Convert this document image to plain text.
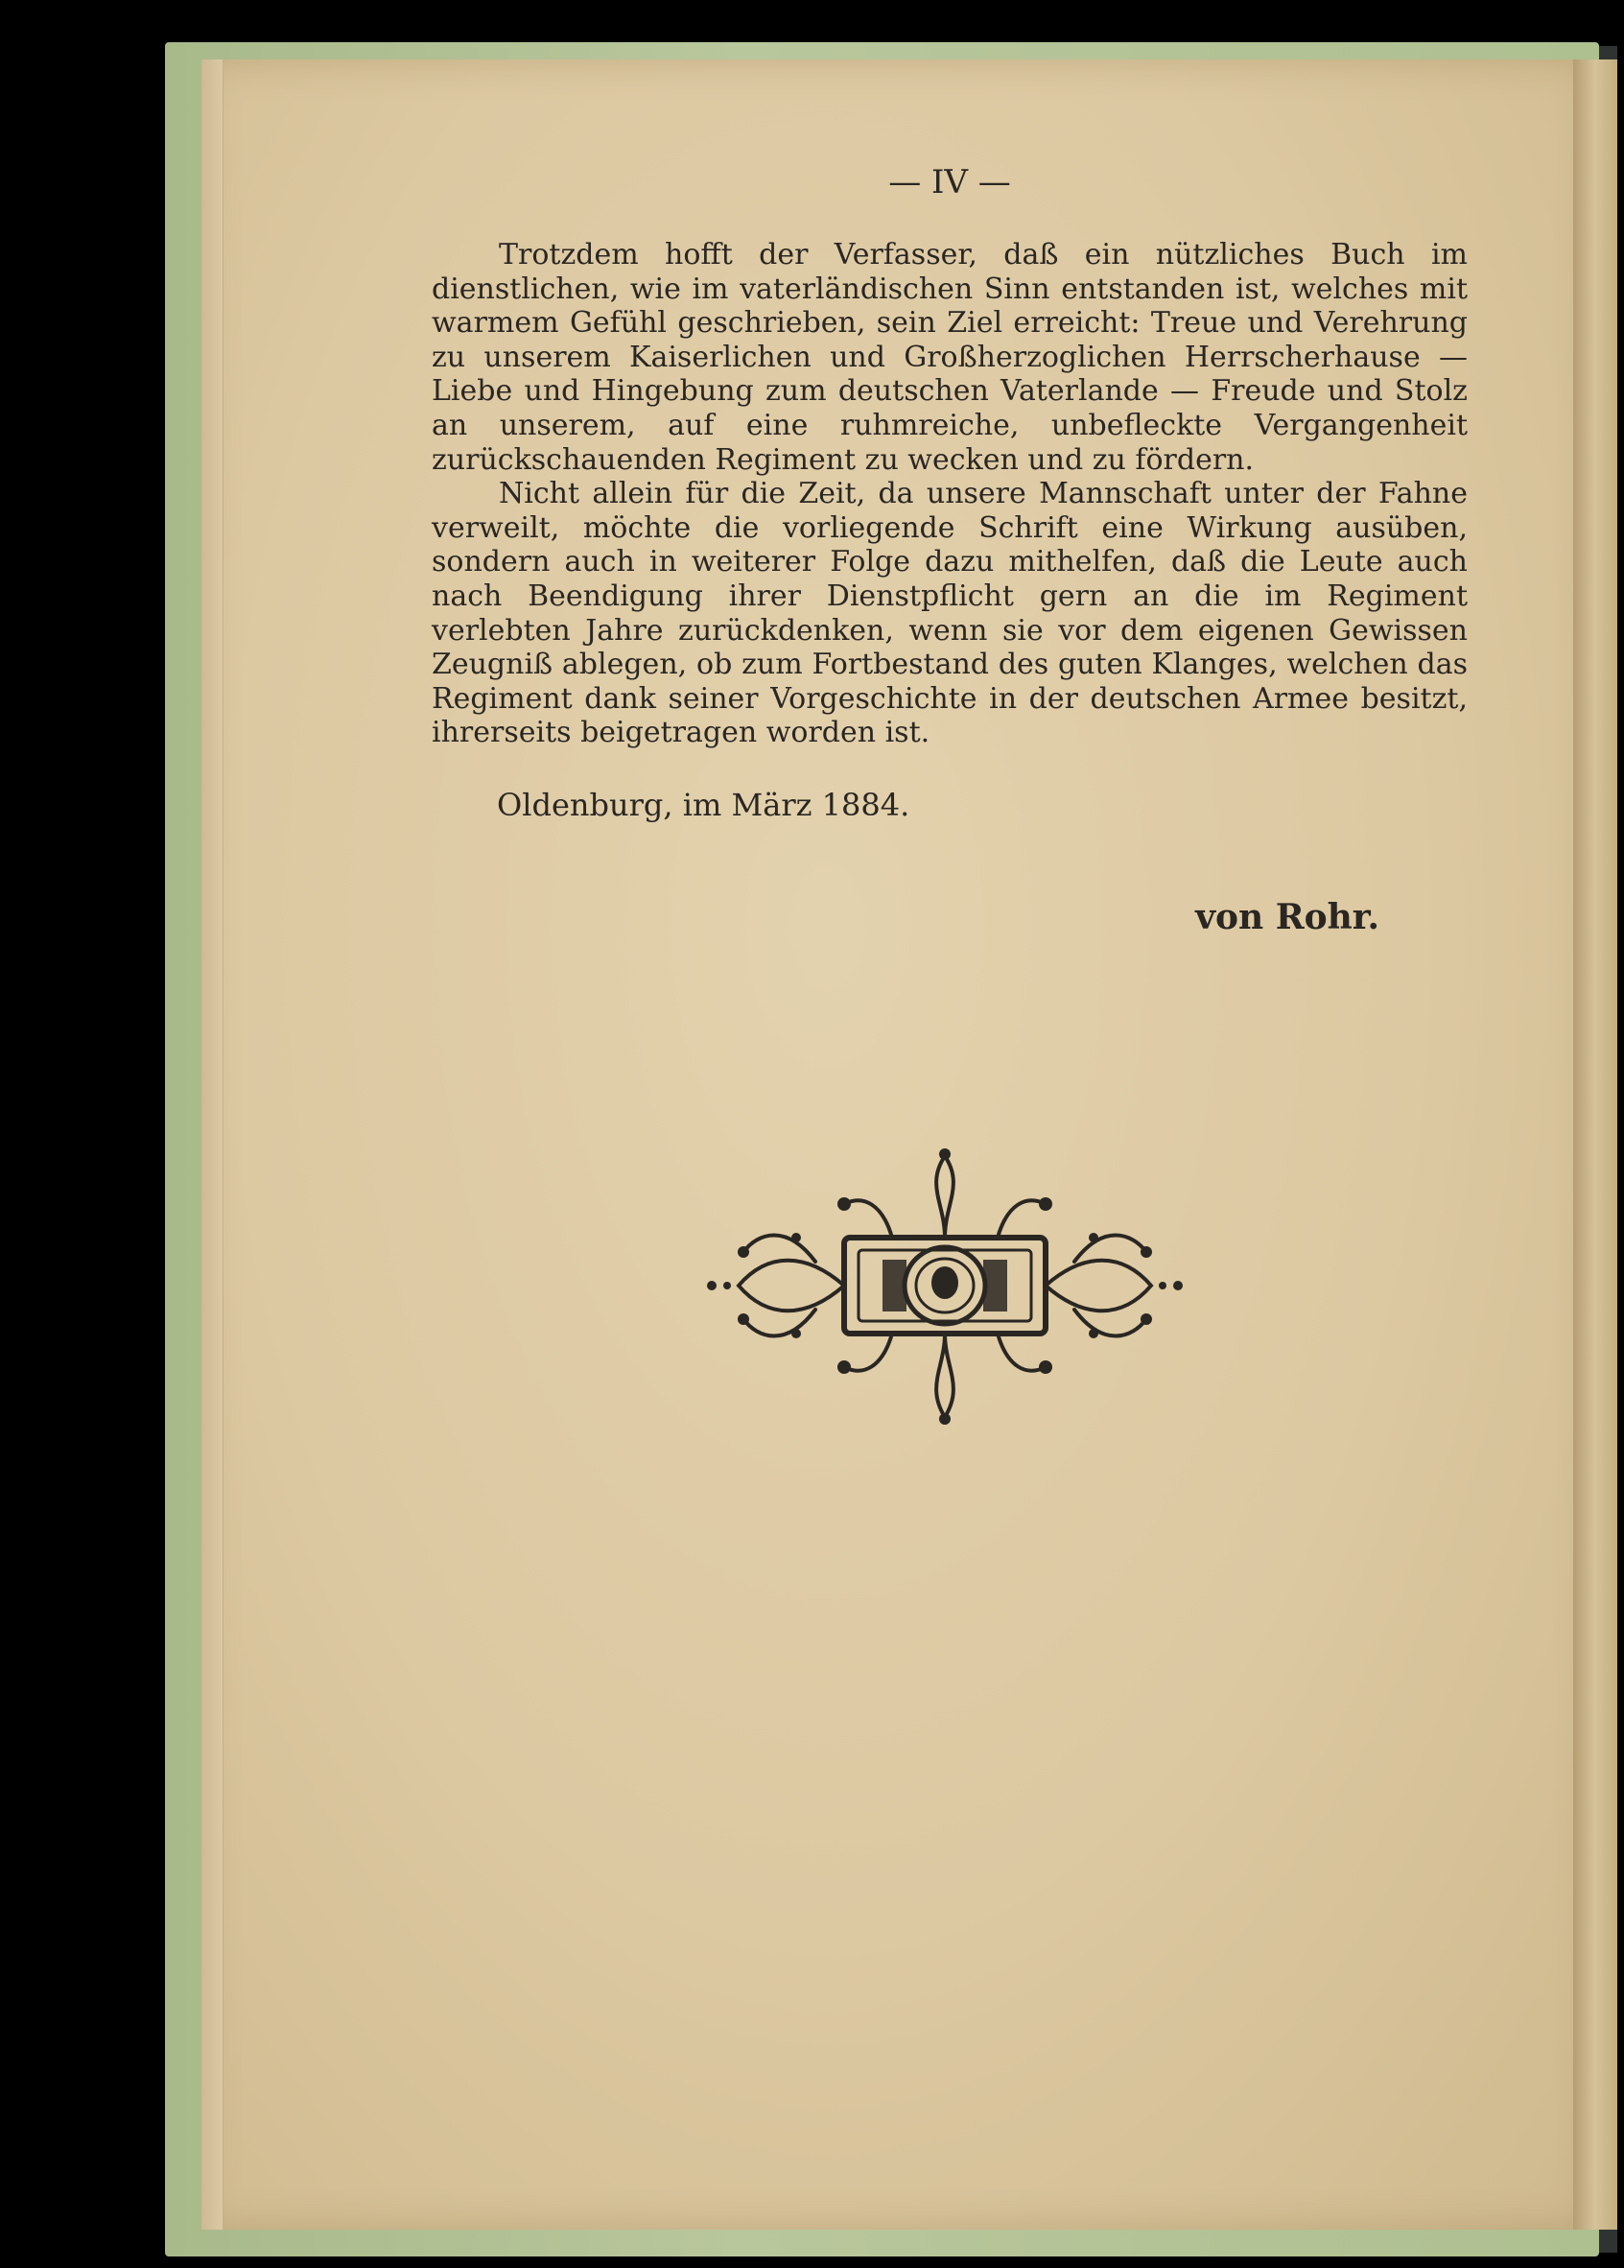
— IV —

Trotzdem hofft der Verfasser, daß ein nützliches Buch im dienstlichen, wie im vaterländischen Sinn entstanden ist, welches mit warmem Gefühl geschrieben, sein Ziel erreicht: Treue und Verehrung zu unserem Kaiserlichen und Großherzoglichen Herrscherhause — Liebe und Hingebung zum deutschen Vaterlande — Freude und Stolz an unserem, auf eine ruhmreiche, unbefleckte Vergangenheit zurückschauenden Regiment zu wecken und zu fördern.

Nicht allein für die Zeit, da unsere Mannschaft unter der Fahne verweilt, möchte die vorliegende Schrift eine Wirkung ausüben, sondern auch in weiterer Folge dazu mithelfen, daß die Leute auch nach Beendigung ihrer Dienstpflicht gern an die im Regiment verlebten Jahre zurückdenken, wenn sie vor dem eigenen Gewissen Zeugniß ablegen, ob zum Fortbestand des guten Klanges, welchen das Regiment dank seiner Vorgeschichte in der deutschen Armee besitzt, ihrerseits beigetragen worden ist.

Oldenburg, im März 1884.
von Rohr.
